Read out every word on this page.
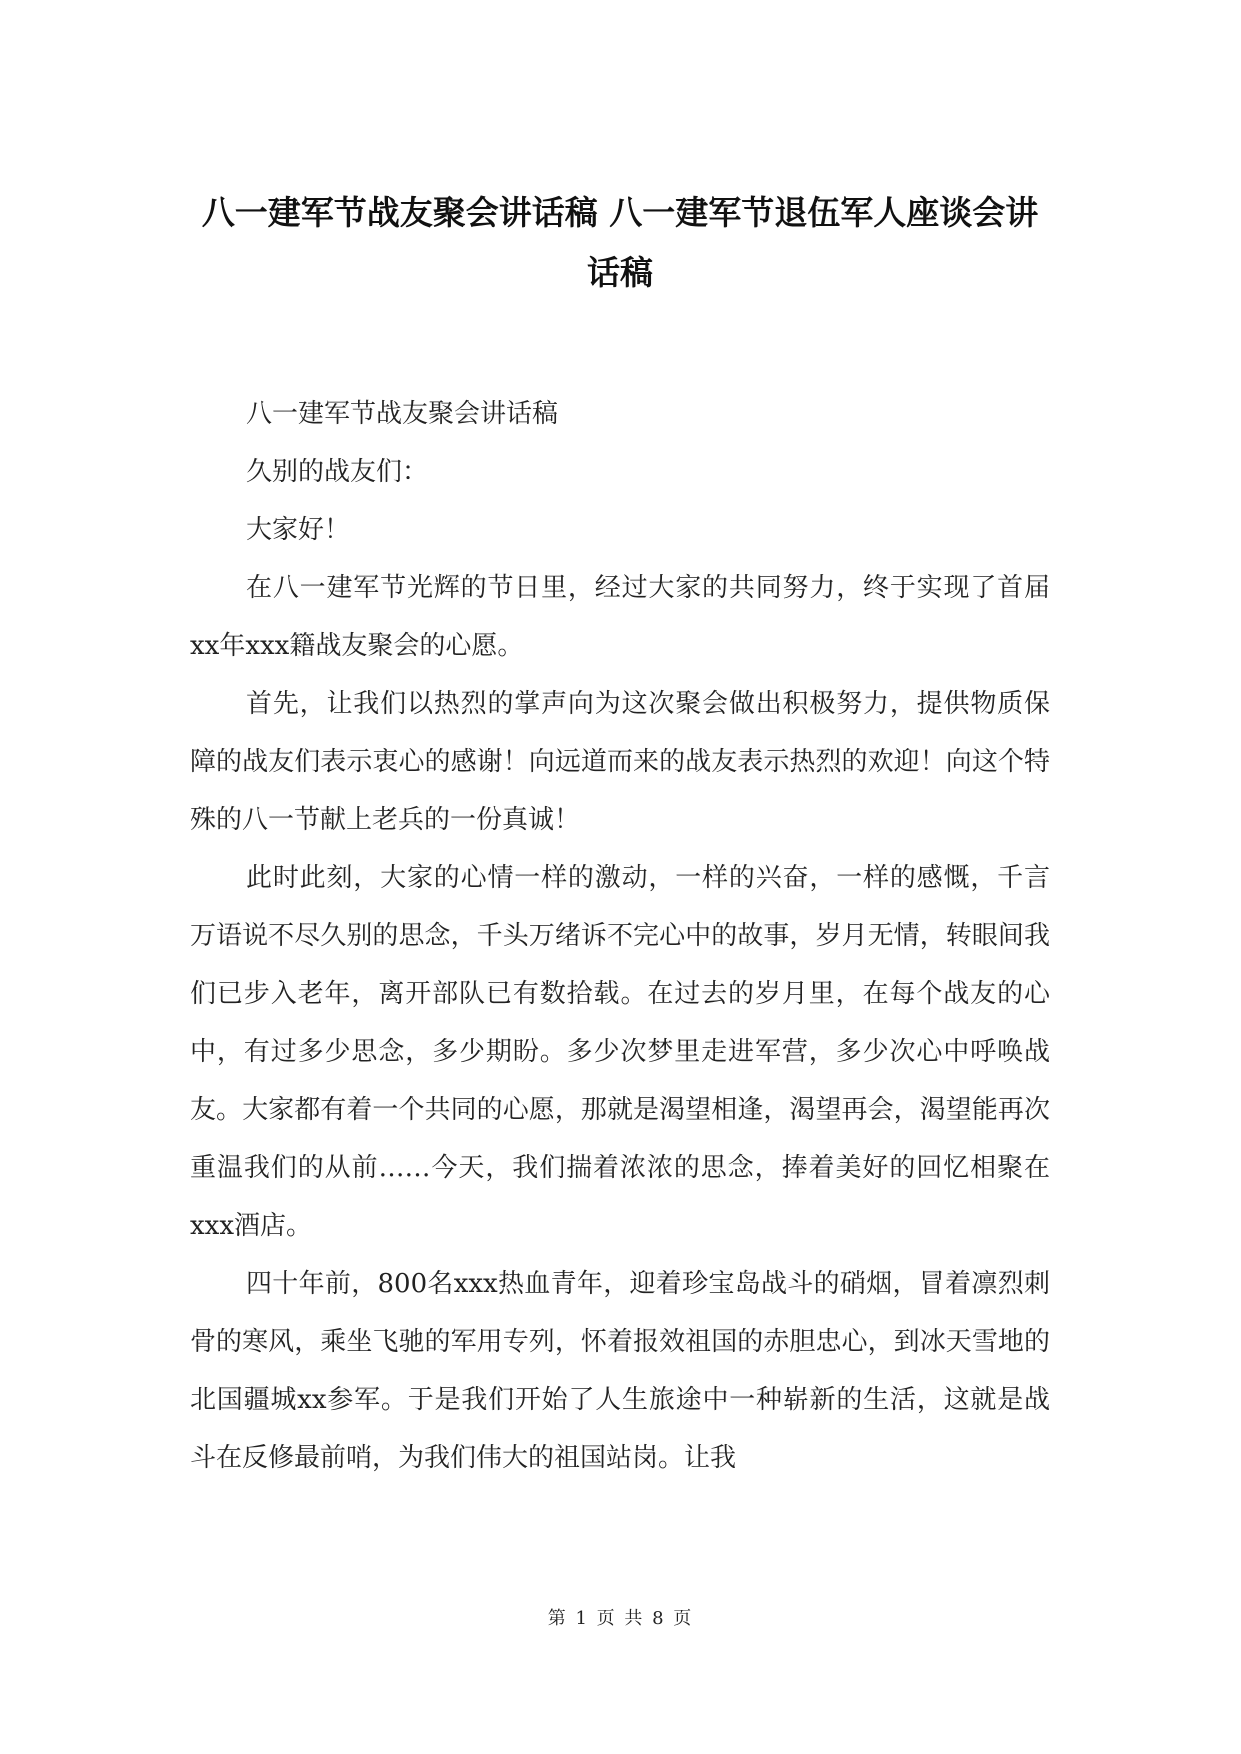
八一建军节战友聚会讲话稿 八一建军节退伍军人座谈会讲
话稿

八一建军节战友聚会讲话稿

久别的战友们：

大家好！

在八一建军节光辉的节日里，经过大家的共同努力，终于实现了首届xx年xxx籍战友聚会的心愿。

首先，让我们以热烈的掌声向为这次聚会做出积极努力，提供物质保障的战友们表示衷心的感谢！向远道而来的战友表示热烈的欢迎！向这个特殊的八一节献上老兵的一份真诚！

此时此刻，大家的心情一样的激动，一样的兴奋，一样的感慨，千言万语说不尽久别的思念，千头万绪诉不完心中的故事，岁月无情，转眼间我们已步入老年，离开部队已有数拾载。在过去的岁月里，在每个战友的心中，有过多少思念，多少期盼。多少次梦里走进军营，多少次心中呼唤战友。大家都有着一个共同的心愿，那就是渴望相逢，渴望再会，渴望能再次重温我们的从前……今天，我们揣着浓浓的思念，捧着美好的回忆相聚在xxx酒店。

四十年前，800名xxx热血青年，迎着珍宝岛战斗的硝烟，冒着凛烈刺骨的寒风，乘坐飞驰的军用专列，怀着报效祖国的赤胆忠心，到冰天雪地的北国疆城xx参军。于是我们开始了人生旅途中一种崭新的生活，这就是战斗在反修最前哨，为我们伟大的祖国站岗。让我

第 1 页 共 8 页
